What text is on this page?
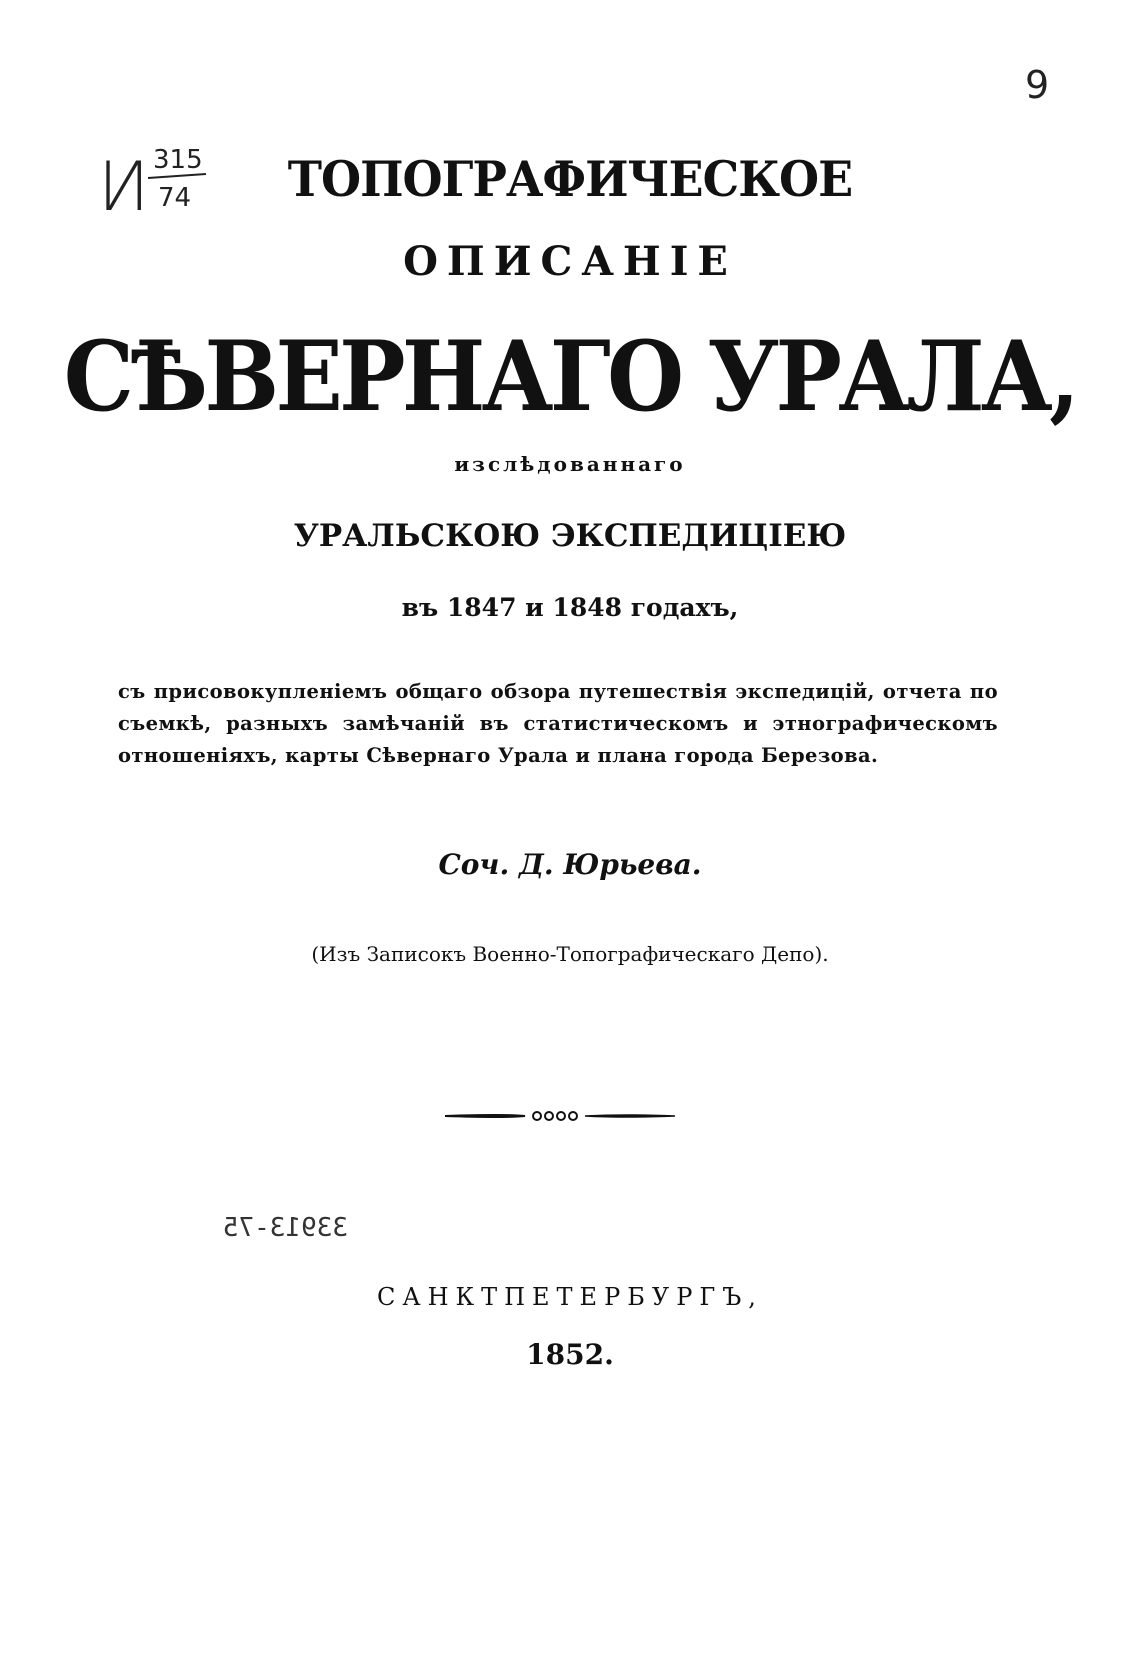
И 315
74
9
ТОПОГРАФИЧЕСКОЕ
ОПИСАНІЕ
СѢВЕРНАГО УРАЛА,
изслѣдованнаго
УРАЛЬСКОЮ ЭКСПЕДИЦІЕЮ
въ 1847 и 1848 годахъ,
съ присовокупленіемъ общаго обзора путешествія экспедицій, отчета по съемкѣ, разныхъ замѣчаній въ статистическомъ и этнографическомъ отношеніяхъ, карты Сѣвернаго Урала и плана города Березова.
Соч. Д. Юрьева.
(Изъ Записокъ Военно-Топографическаго Депо).
33913-75
САНКТПЕТЕРБУРГЪ,
1852.
